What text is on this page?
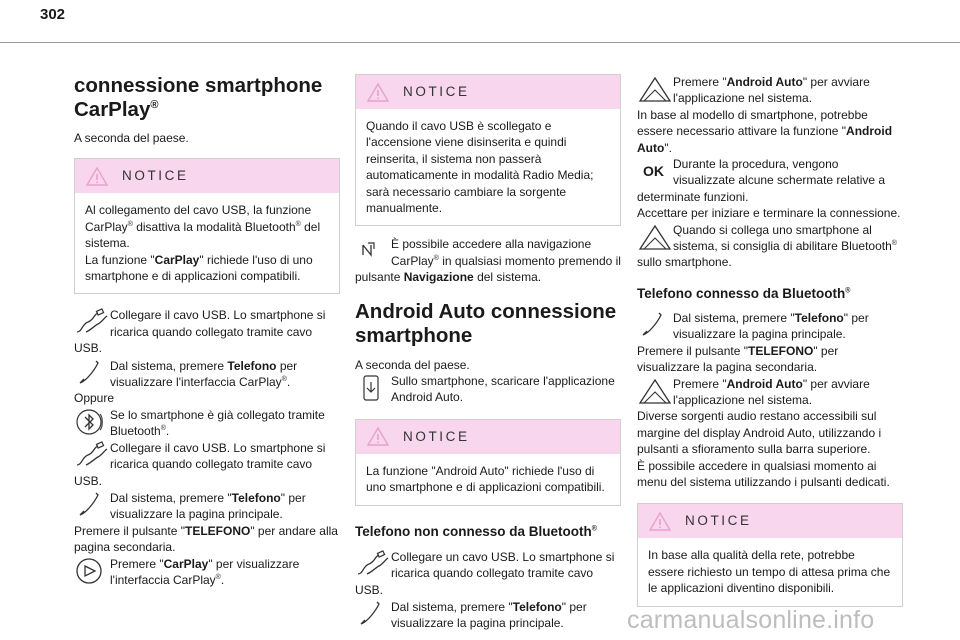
302
connessione smartphone
CarPlay®

A seconda del paese.

NOTICE
Al collegamento del cavo USB, la funzione CarPlay® disattiva la modalità Bluetooth® del sistema.
La funzione "CarPlay" richiede l'uso di uno smartphone e di applicazioni compatibili.
Collegare il cavo USB. Lo smartphone si ricarica quando collegato tramite cavo USB.
Dal sistema, premere Telefono per visualizzare l'interfaccia CarPlay®.

Oppure

Se lo smartphone è già collegato tramite Bluetooth®.
Collegare il cavo USB. Lo smartphone si ricarica quando collegato tramite cavo USB.
Dal sistema, premere "Telefono" per visualizzare la pagina principale.

Premere il pulsante "TELEFONO" per andare alla pagina secondaria.

Premere "CarPlay" per visualizzare l'interfaccia CarPlay®.
NOTICE
Quando il cavo USB è scollegato e l'accensione viene disinserita e quindi reinserita, il sistema non passerà automaticamente in modalità Radio Media; sarà necessario cambiare la sorgente manualmente.
È possibile accedere alla navigazione CarPlay® in qualsiasi momento premendo il pulsante Navigazione del sistema.
Android Auto connessione
smartphone

A seconda del paese.

Sullo smartphone, scaricare l'applicazione Android Auto.
NOTICE
La funzione "Android Auto" richiede l'uso di uno smartphone e di applicazioni compatibili.
Telefono non connesso da Bluetooth®
Collegare un cavo USB. Lo smartphone si ricarica quando collegato tramite cavo USB.
Dal sistema, premere "Telefono" per visualizzare la pagina principale.
Premere "Android Auto" per avviare l'applicazione nel sistema.

In base al modello di smartphone, potrebbe essere necessario attivare la funzione "Android Auto".

OK Durante la procedura, vengono visualizzate alcune schermate relative a determinate funzioni.

Accettare per iniziare e terminare la connessione.

Quando si collega uno smartphone al sistema, si consiglia di abilitare Bluetooth® sullo smartphone.
Telefono connesso da Bluetooth®
Dal sistema, premere "Telefono" per visualizzare la pagina principale.

Premere il pulsante "TELEFONO" per visualizzare la pagina secondaria.

Premere "Android Auto" per avviare l'applicazione nel sistema.

Diverse sorgenti audio restano accessibili sul margine del display Android Auto, utilizzando i pulsanti a sfioramento sulla barra superiore.

È possibile accedere in qualsiasi momento ai menu del sistema utilizzando i pulsanti dedicati.

NOTICE
In base alla qualità della rete, potrebbe essere richiesto un tempo di attesa prima che le applicazioni diventino disponibili.
carmanualsonline.info
